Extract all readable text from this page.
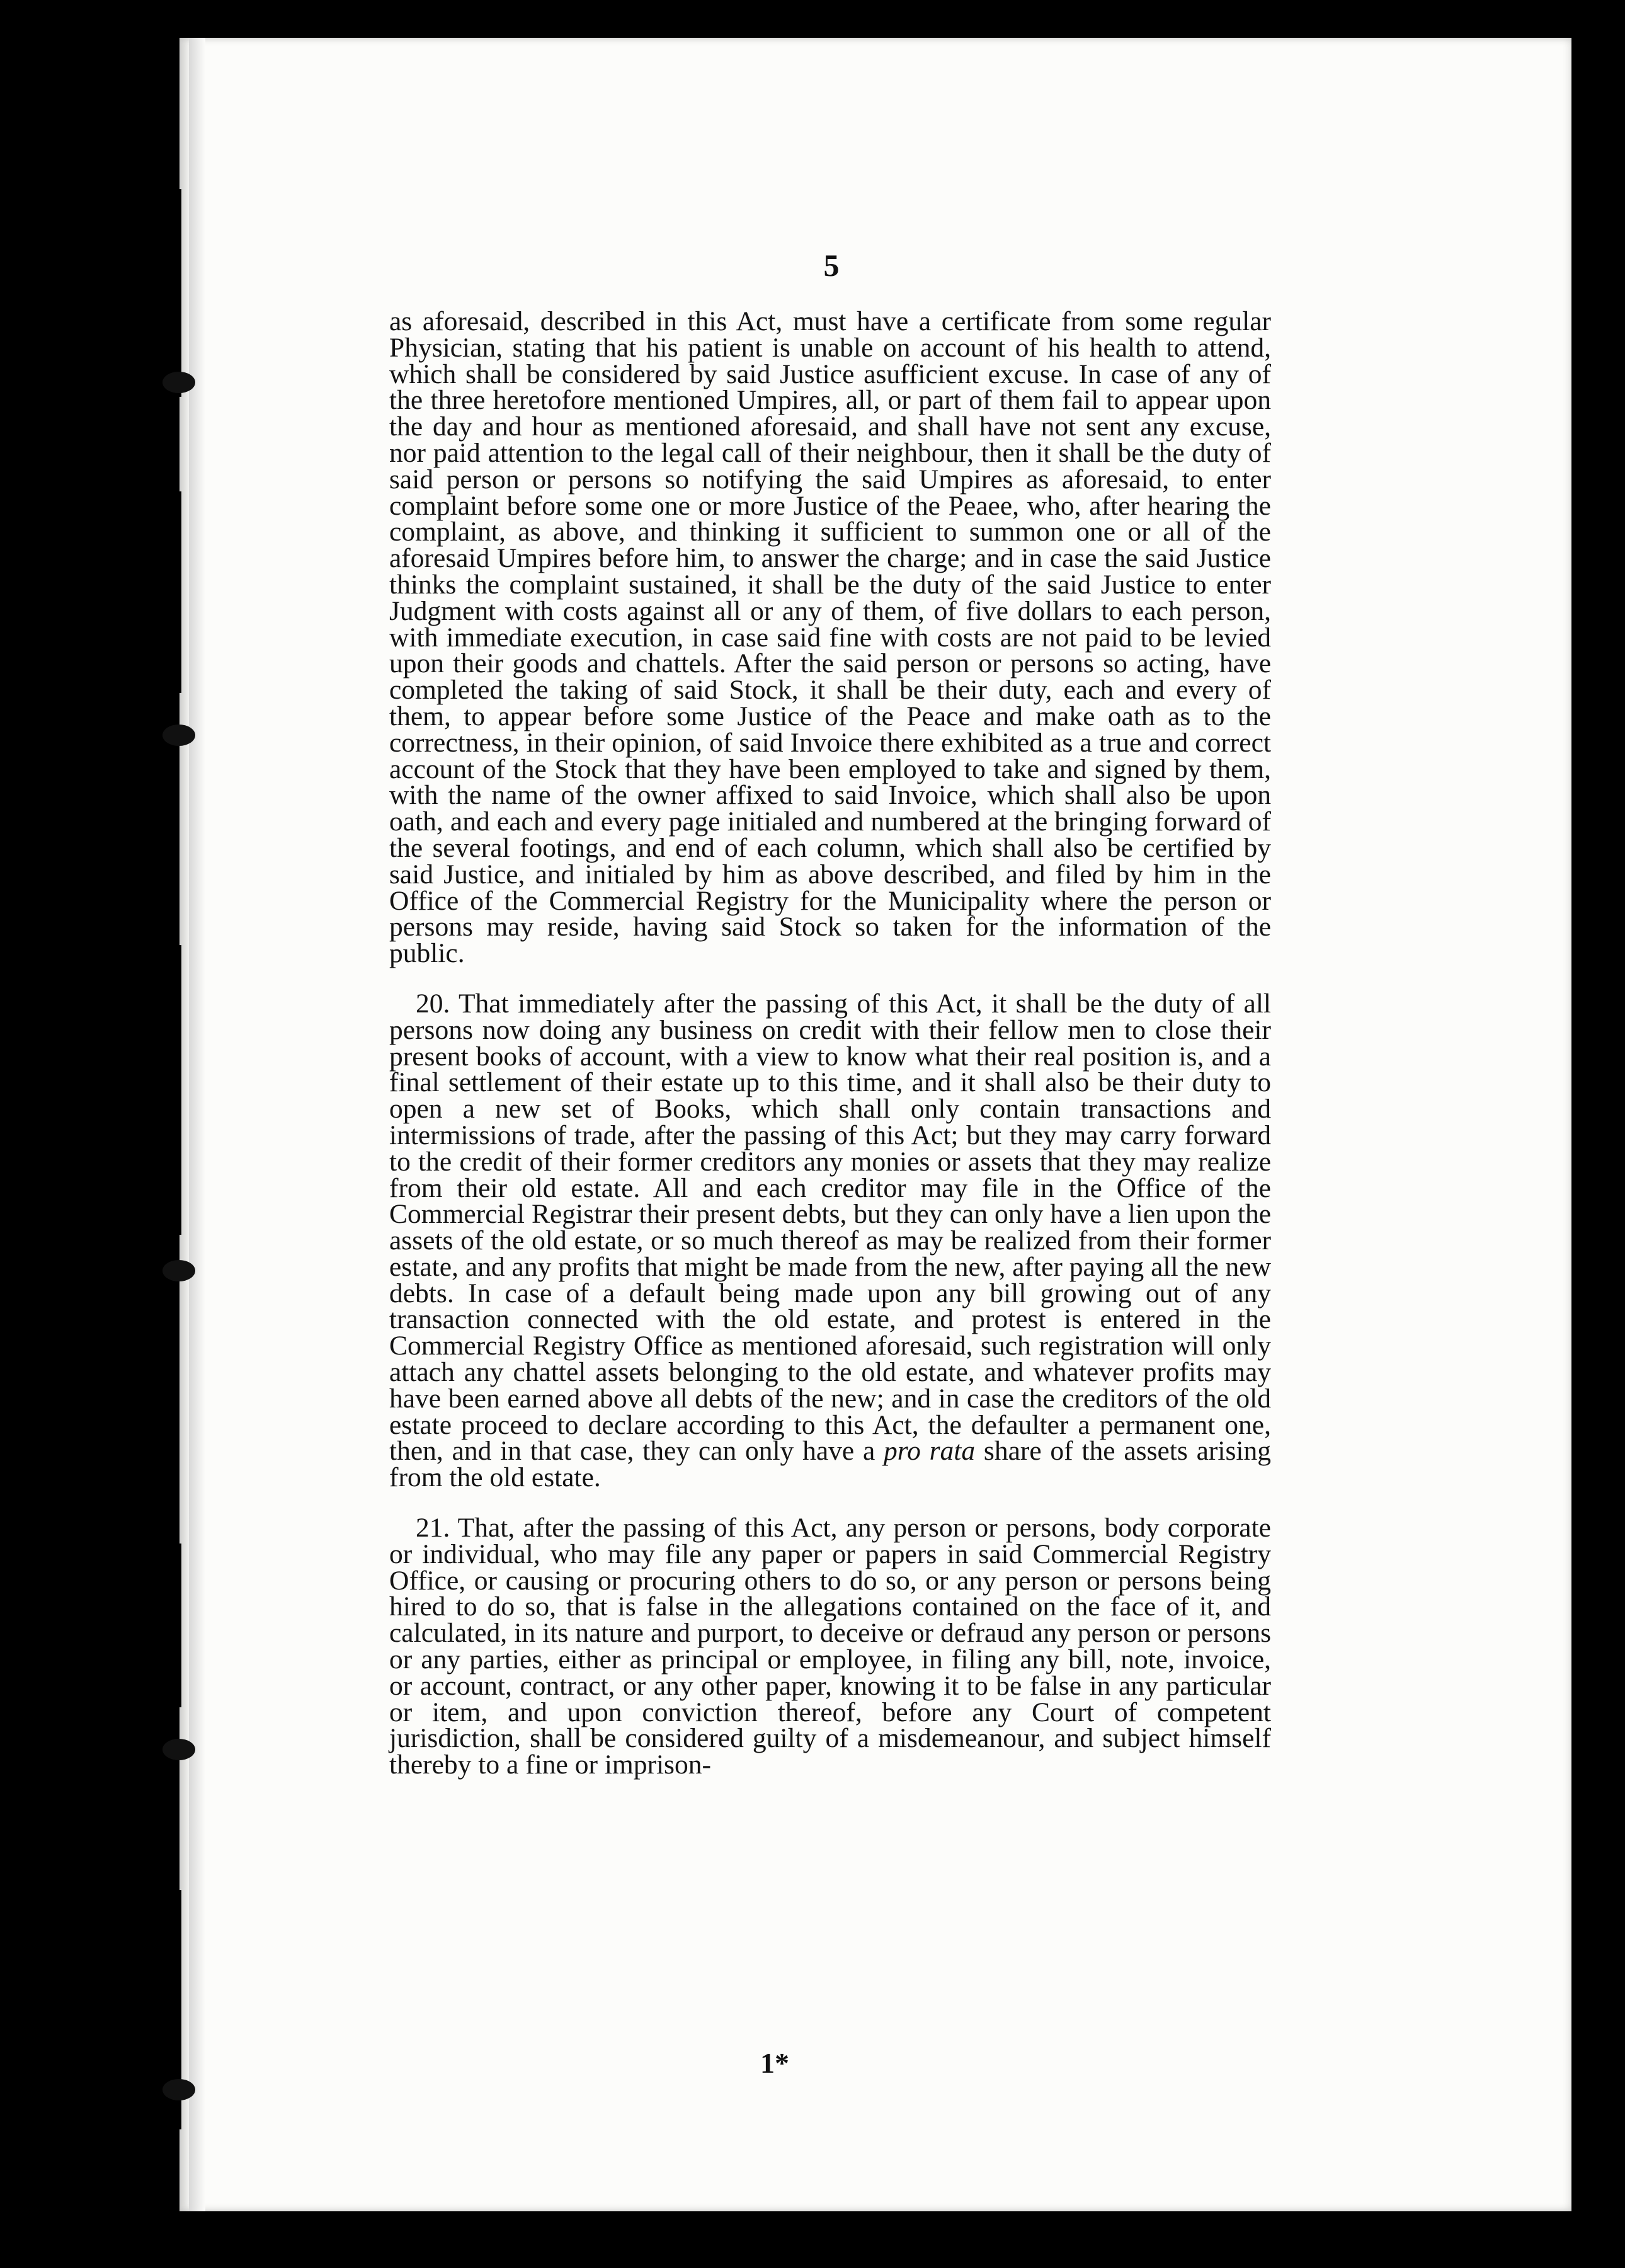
5

as aforesaid, described in this Act, must have a certificate from some regular Physician, stating that his patient is unable on account of his health to attend, which shall be considered by said Justice asufficient excuse. In case of any of the three heretofore mentioned Umpires, all, or part of them fail to appear upon the day and hour as mentioned aforesaid, and shall have not sent any excuse, nor paid attention to the legal call of their neighbour, then it shall be the duty of said person or persons so notifying the said Umpires as aforesaid, to enter complaint before some one or more Justice of the Peaee, who, after hearing the complaint, as above, and thinking it sufficient to summon one or all of the aforesaid Umpires before him, to answer the charge; and in case the said Justice thinks the complaint sustained, it shall be the duty of the said Justice to enter Judgment with costs against all or any of them, of five dollars to each person, with immediate execution, in case said fine with costs are not paid to be levied upon their goods and chattels. After the said person or persons so acting, have completed the taking of said Stock, it shall be their duty, each and every of them, to appear before some Justice of the Peace and make oath as to the correctness, in their opinion, of said Invoice there exhibited as a true and correct account of the Stock that they have been employed to take and signed by them, with the name of the owner affixed to said Invoice, which shall also be upon oath, and each and every page initialed and numbered at the bringing forward of the several footings, and end of each column, which shall also be certified by said Justice, and initialed by him as above described, and filed by him in the Office of the Commercial Registry for the Municipality where the person or persons may reside, having said Stock so taken for the information of the public.

20. That immediately after the passing of this Act, it shall be the duty of all persons now doing any business on credit with their fellow men to close their present books of account, with a view to know what their real position is, and a final settlement of their estate up to this time, and it shall also be their duty to open a new set of Books, which shall only contain transactions and intermissions of trade, after the passing of this Act; but they may carry forward to the credit of their former creditors any monies or assets that they may realize from their old estate. All and each creditor may file in the Office of the Commercial Registrar their present debts, but they can only have a lien upon the assets of the old estate, or so much thereof as may be realized from their former estate, and any profits that might be made from the new, after paying all the new debts. In case of a default being made upon any bill growing out of any transaction connected with the old estate, and protest is entered in the Commercial Registry Office as mentioned aforesaid, such registration will only attach any chattel assets belonging to the old estate, and whatever profits may have been earned above all debts of the new; and in case the creditors of the old estate proceed to declare according to this Act, the defaulter a permanent one, then, and in that case, they can only have a pro rata share of the assets arising from the old estate.

21. That, after the passing of this Act, any person or persons, body corporate or individual, who may file any paper or papers in said Commercial Registry Office, or causing or procuring others to do so, or any person or persons being hired to do so, that is false in the allegations contained on the face of it, and calculated, in its nature and purport, to deceive or defraud any person or persons or any parties, either as principal or employee, in filing any bill, note, invoice, or account, contract, or any other paper, knowing it to be false in any particular or item, and upon conviction thereof, before any Court of competent jurisdiction, shall be considered guilty of a misdemeanour, and subject himself thereby to a fine or imprison-

1*
